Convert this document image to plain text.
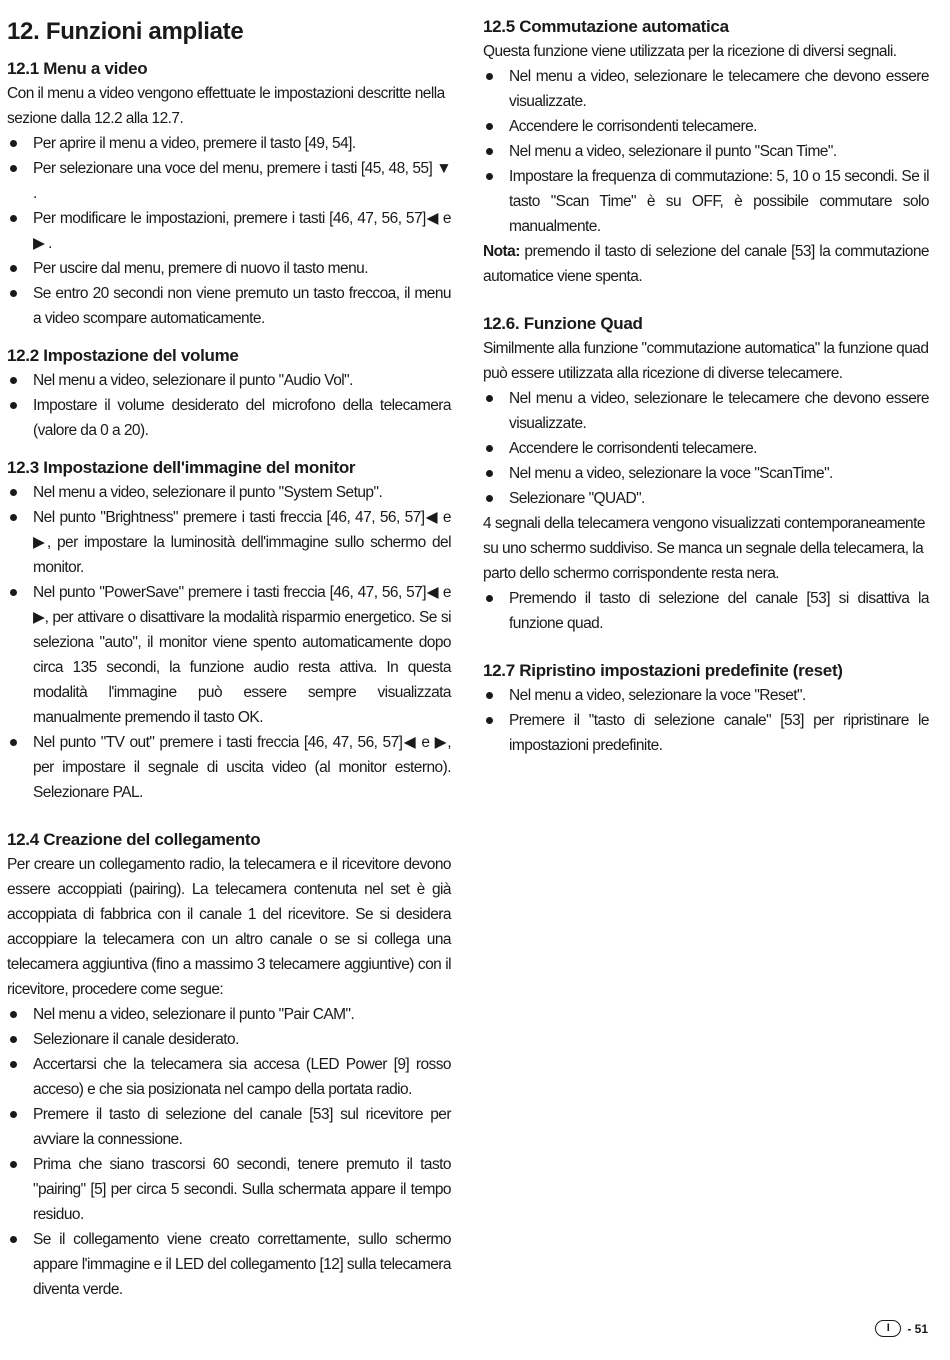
12. Funzioni ampliate
12.1 Menu a video

Con il menu a video vengono effettuate le impostazioni descritte nella sezione dalla 12.2 alla 12.7.

Per aprire il menu a video, premere il tasto [49, 54].
Per selezionare una voce del menu, premere i tasti [45, 48, 55] ▼ .
Per modificare le impostazioni, premere i tasti [46, 47, 56, 57]◀ e ▶ .
Per uscire dal menu, premere di nuovo il tasto menu.
Se entro 20 secondi non viene premuto un tasto freccoa, il menu a video scompare automaticamente.
12.2 Impostazione del volume
Nel menu a video, selezionare il punto "Audio Vol".
Impostare il volume desiderato del microfono della telecamera (valore da 0 a 20).
12.3 Impostazione dell'immagine del monitor
Nel menu a video, selezionare il punto "System Setup".
Nel punto "Brightness" premere i tasti freccia [46, 47, 56, 57]◀ e ▶, per impostare la luminosità dell'immagine sullo schermo del monitor.
Nel punto "PowerSave" premere i tasti freccia [46, 47, 56, 57]◀ e ▶, per attivare o disattivare la modalità risparmio energetico. Se si seleziona "auto", il monitor viene spento automaticamente dopo circa 135 secondi, la funzione audio resta attiva. In questa modalità l'immagine può essere sempre visualizzata manualmente premendo il tasto OK.
Nel punto "TV out" premere i tasti freccia [46, 47, 56, 57]◀ e ▶, per impostare il segnale di uscita video (al monitor esterno). Selezionare PAL.
12.4 Creazione del collegamento

Per creare un collegamento radio, la telecamera e il ricevitore devono essere accoppiati (pairing). La telecamera contenuta nel set è già accoppiata di fabbrica con il canale 1 del ricevitore. Se si desidera accoppiare la telecamera con un altro canale o se si collega una telecamera aggiuntiva (fino a massimo 3 telecamere aggiuntive) con il ricevitore, procedere come segue:

Nel menu a video, selezionare il punto "Pair CAM".
Selezionare il canale desiderato.
Accertarsi che la telecamera sia accesa (LED Power [9] rosso acceso) e che sia posizionata nel campo della portata radio.
Premere il tasto di selezione del canale [53] sul ricevitore per avviare la connessione.
Prima che siano trascorsi 60 secondi, tenere premuto il tasto "pairing" [5] per circa 5 secondi. Sulla schermata appare il tempo residuo.
Se il collegamento viene creato correttamente, sullo schermo appare l'immagine e il LED del collegamento [12] sulla telecamera diventa verde.
12.5 Commutazione automatica

Questa funzione viene utilizzata per la ricezione di diversi segnali.

Nel menu a video, selezionare le telecamere che devono essere visualizzate.
Accendere le corrisondenti telecamere.
Nel menu a video, selezionare il punto "Scan Time".
Impostare la frequenza di commutazione: 5, 10 o 15 secondi. Se il tasto "Scan Time" è su OFF, è possibile commutare solo manualmente.

Nota: premendo il tasto di selezione del canale [53] la commutazione automatice viene spenta.

12.6. Funzione Quad

Similmente alla funzione "commutazione automatica" la funzione quad può essere utilizzata alla ricezione di diverse telecamere.

Nel menu a video, selezionare le telecamere che devono essere visualizzate.
Accendere le corrisondenti telecamere.
Nel menu a video, selezionare la voce "ScanTime".
Selezionare "QUAD".

4 segnali della telecamera vengono visualizzati contemporaneamente su uno schermo suddiviso. Se manca un segnale della telecamera, la parto dello schermo corrispondente resta nera.

Premendo il tasto di selezione del canale [53] si disattiva la funzione quad.
12.7 Ripristino impostazioni predefinite (reset)
Nel menu a video, selezionare la voce "Reset".
Premere il "tasto di selezione canale" [53] per ripristinare le impostazioni predefinite.
I	- 51
